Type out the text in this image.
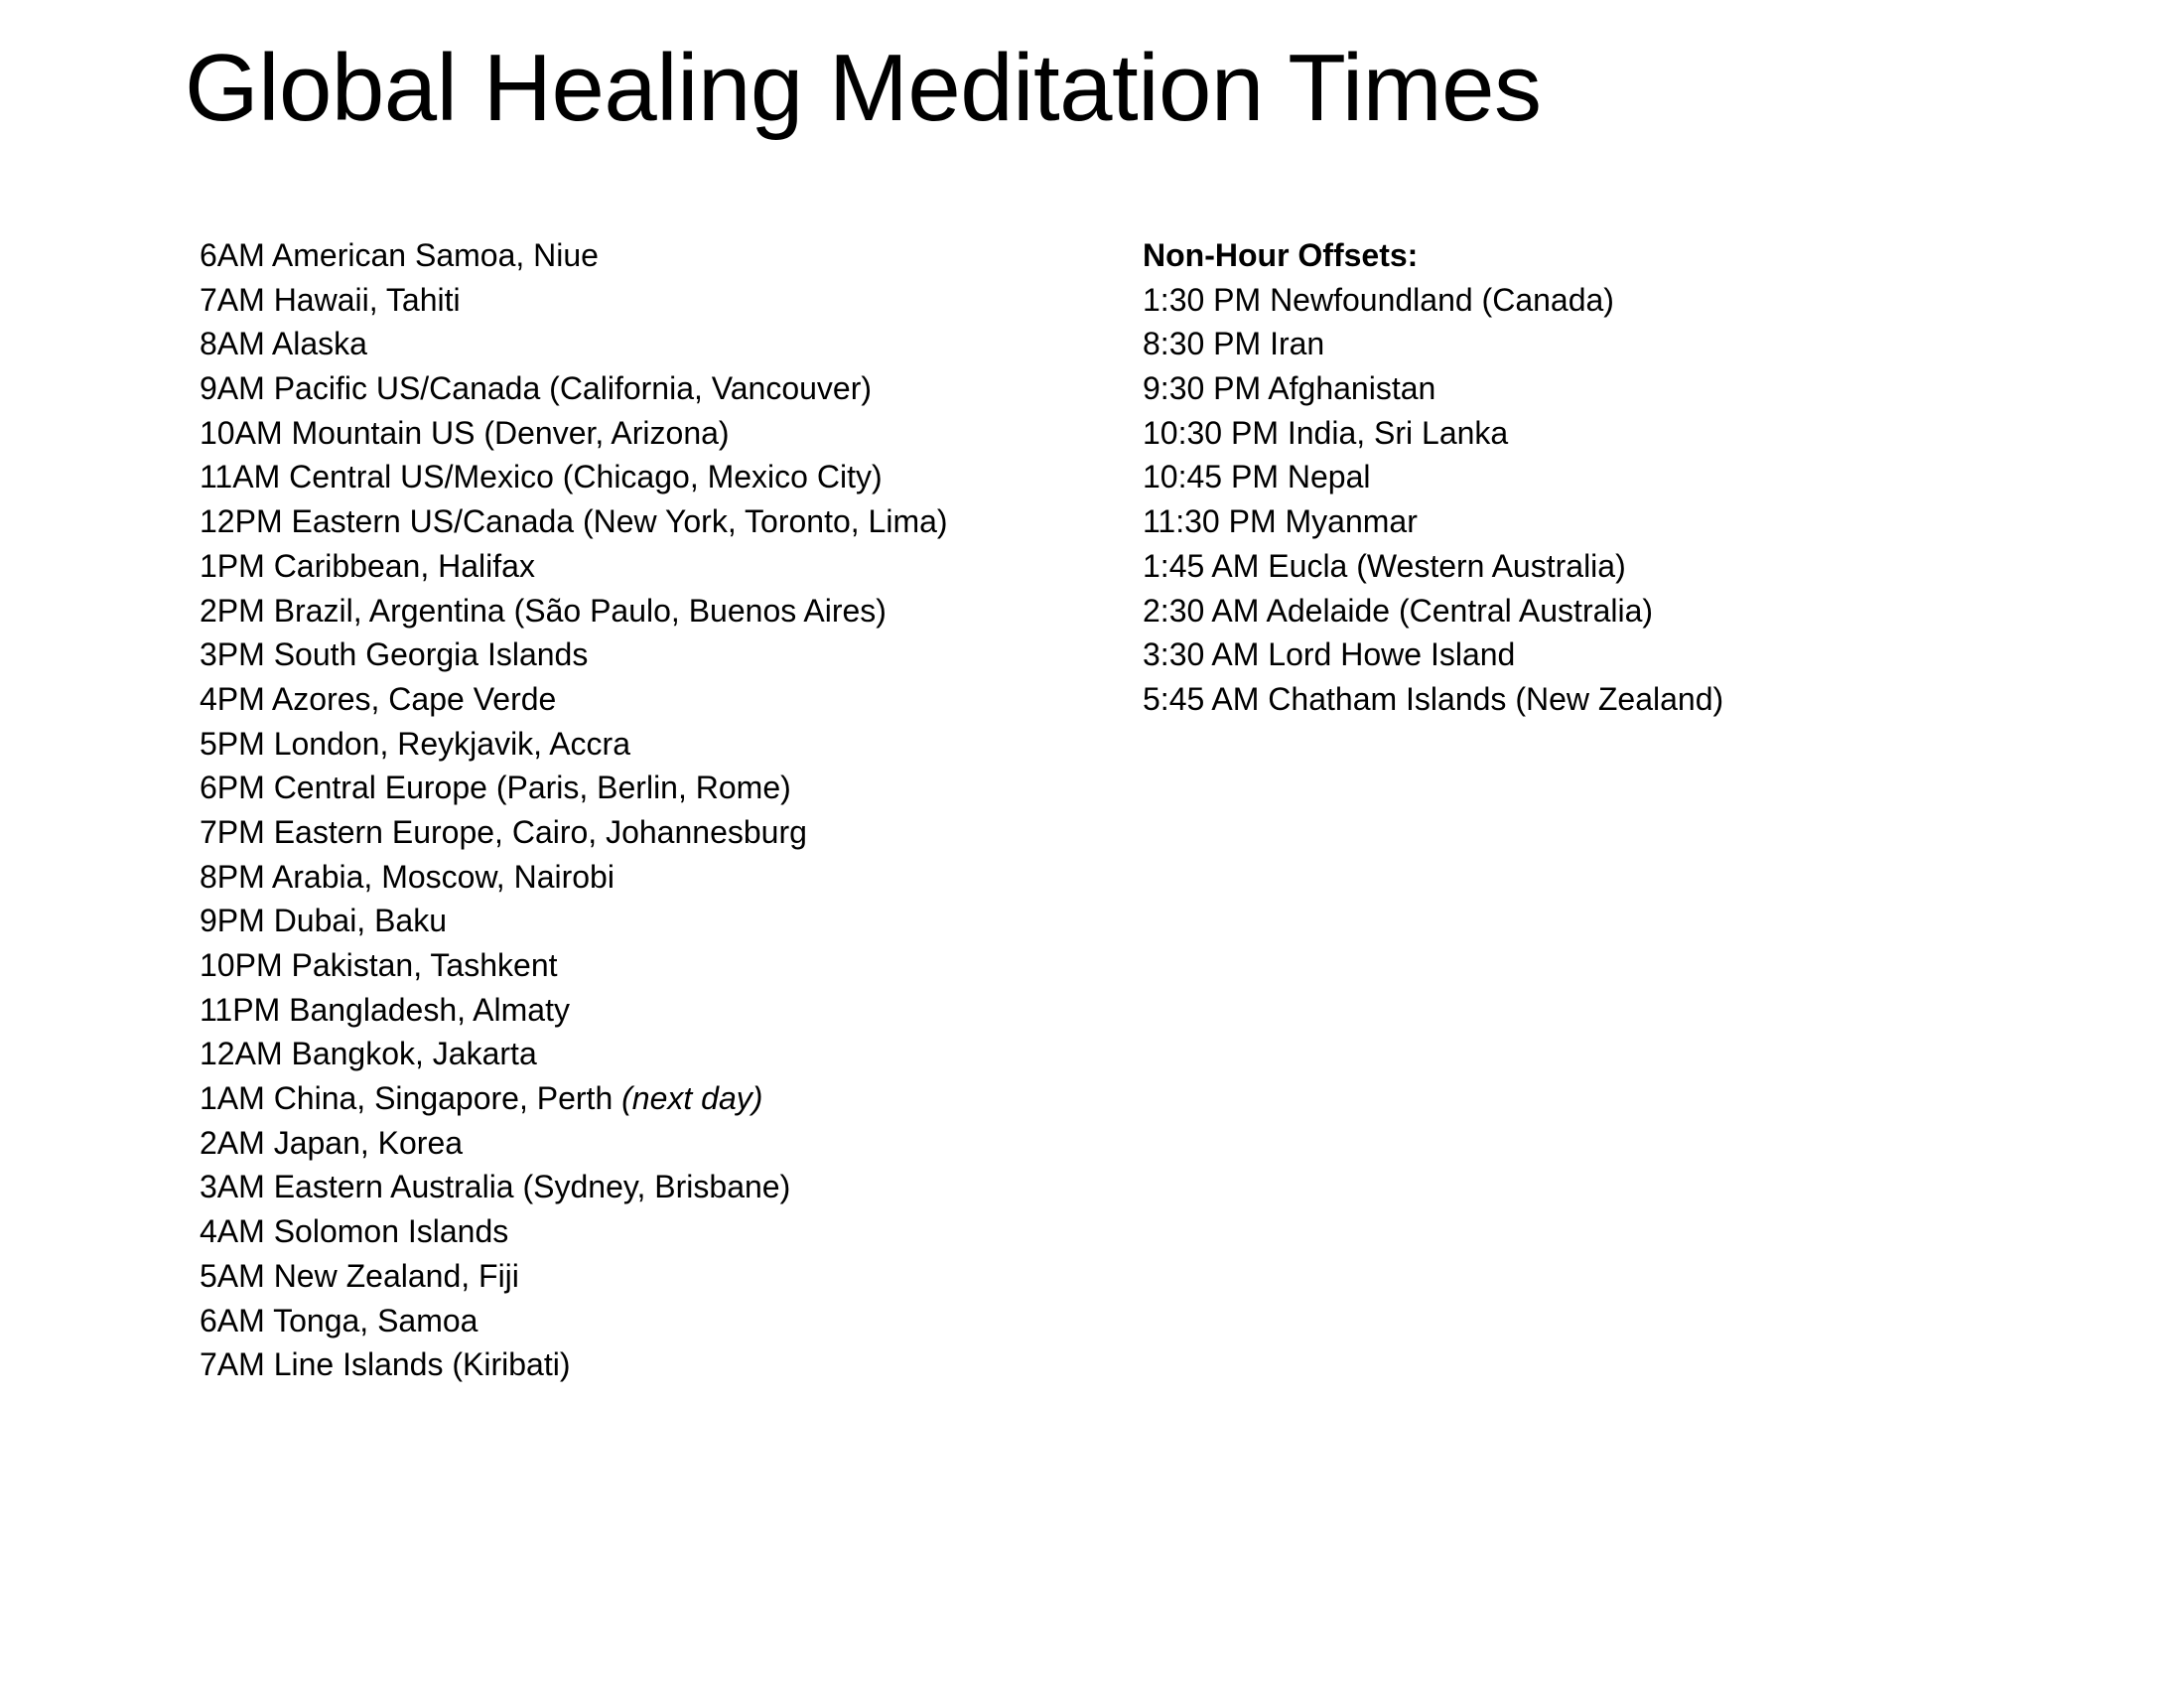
Global Healing Meditation Times
6AM American Samoa, Niue
7AM Hawaii, Tahiti
8AM Alaska
9AM Pacific US/Canada (California, Vancouver)
10AM Mountain US (Denver, Arizona)
11AM Central US/Mexico (Chicago, Mexico City)
12PM Eastern US/Canada (New York, Toronto, Lima)
1PM Caribbean, Halifax
2PM Brazil, Argentina (São Paulo, Buenos Aires)
3PM South Georgia Islands
4PM Azores, Cape Verde
5PM London, Reykjavik, Accra
6PM Central Europe (Paris, Berlin, Rome)
7PM Eastern Europe, Cairo, Johannesburg
8PM Arabia, Moscow, Nairobi
9PM Dubai, Baku
10PM Pakistan, Tashkent
11PM Bangladesh, Almaty
12AM Bangkok, Jakarta
1AM China, Singapore, Perth (next day)
2AM Japan, Korea
3AM Eastern Australia (Sydney, Brisbane)
4AM Solomon Islands
5AM New Zealand, Fiji
6AM Tonga, Samoa
7AM Line Islands (Kiribati)
Non-Hour Offsets:
1:30 PM Newfoundland (Canada)
8:30 PM Iran
9:30 PM Afghanistan
10:30 PM India, Sri Lanka
10:45 PM Nepal
11:30 PM Myanmar
1:45 AM Eucla (Western Australia)
2:30 AM Adelaide (Central Australia)
3:30 AM Lord Howe Island
5:45 AM Chatham Islands (New Zealand)
